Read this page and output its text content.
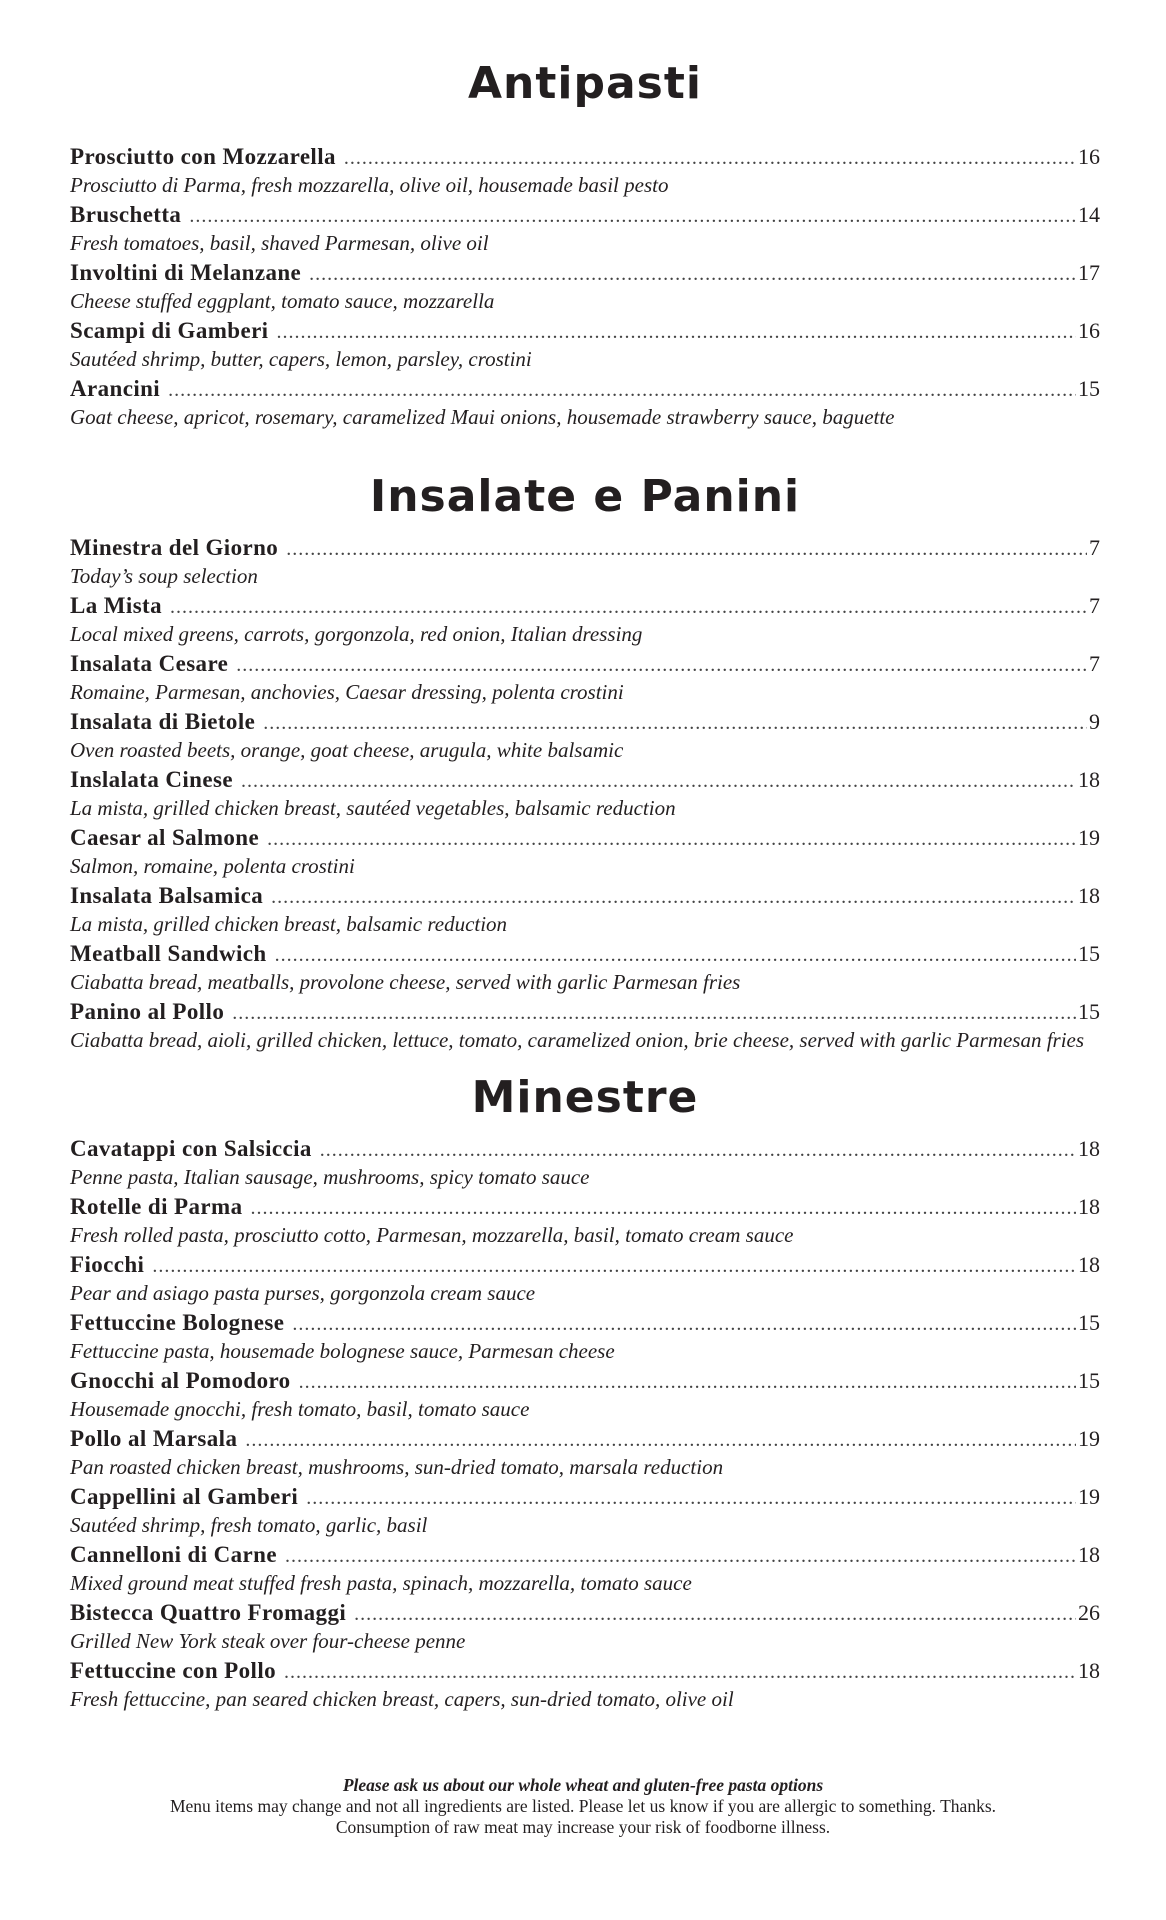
Antipasti
Prosciutto con Mozzarella .....	16
Prosciutto di Parma, fresh mozzarella, olive oil, housemade basil pesto
Bruschetta .....	14
Fresh tomatoes, basil, shaved Parmesan, olive oil
Involtini di Melanzane .....	17
Cheese stuffed eggplant, tomato sauce, mozzarella
Scampi di Gamberi .....	16
Sautéed shrimp, butter, capers, lemon, parsley, crostini
Arancini .....	15
Goat cheese, apricot, rosemary, caramelized Maui onions, housemade strawberry sauce, baguette
Insalate e Panini
Minestra del Giorno .....	7
Today’s soup selection
La Mista .....	7
Local mixed greens, carrots, gorgonzola, red onion, Italian dressing
Insalata Cesare .....	7
Romaine, Parmesan, anchovies, Caesar dressing, polenta crostini
Insalata di Bietole .....	9
Oven roasted beets, orange, goat cheese, arugula, white balsamic
Inslalata Cinese .....	18
La mista, grilled chicken breast, sautéed vegetables, balsamic reduction
Caesar al Salmone .....	19
Salmon, romaine, polenta crostini
Insalata Balsamica .....	18
La mista, grilled chicken breast, balsamic reduction
Meatball Sandwich .....	15
Ciabatta bread, meatballs, provolone cheese, served with garlic Parmesan fries
Panino al Pollo .....	15
Ciabatta bread, aioli, grilled chicken, lettuce, tomato, caramelized onion, brie cheese, served with garlic Parmesan fries
Minestre
Cavatappi con Salsiccia .....	18
Penne pasta, Italian sausage, mushrooms, spicy tomato sauce
Rotelle di Parma .....	18
Fresh rolled pasta, prosciutto cotto, Parmesan, mozzarella, basil, tomato cream sauce
Fiocchi .....	18
Pear and asiago pasta purses, gorgonzola cream sauce
Fettuccine Bolognese .....	15
Fettuccine pasta, housemade bolognese sauce, Parmesan cheese
Gnocchi al Pomodoro .....	15
Housemade gnocchi, fresh tomato, basil, tomato sauce
Pollo al Marsala .....	19
Pan roasted chicken breast, mushrooms, sun-dried tomato, marsala reduction
Cappellini al Gamberi .....	19
Sautéed shrimp, fresh tomato, garlic, basil
Cannelloni di Carne .....	18
Mixed ground meat stuffed fresh pasta, spinach, mozzarella, tomato sauce
Bistecca Quattro Fromaggi .....	26
Grilled New York steak over four-cheese penne
Fettuccine con Pollo .....	18
Fresh fettuccine, pan seared chicken breast, capers, sun-dried tomato, olive oil
Please ask us about our whole wheat and gluten-free pasta options
Menu items may change and not all ingredients are listed. Please let us know if you are allergic to something. Thanks.
Consumption of raw meat may increase your risk of foodborne illness.
